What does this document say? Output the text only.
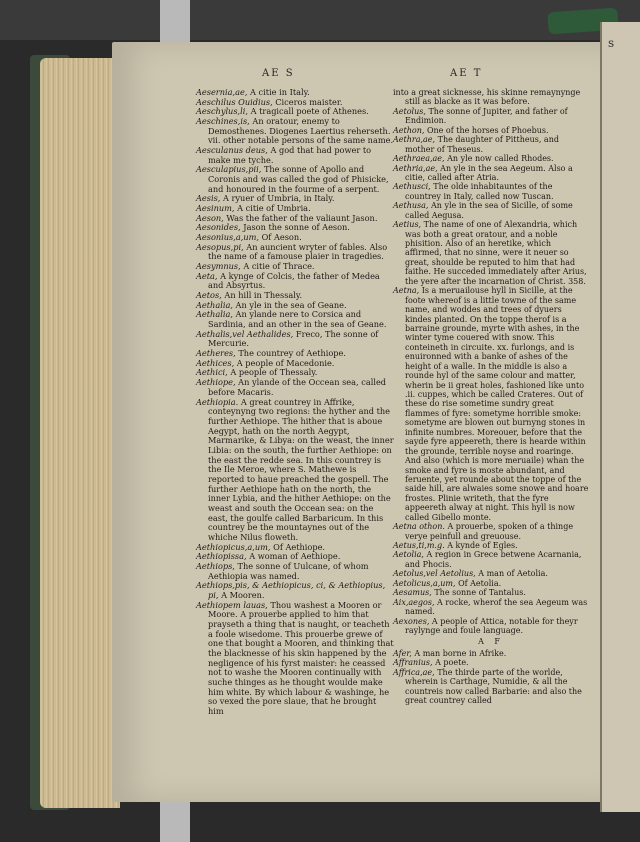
s
AE S	AE T
Aesernia,ae, A citie in Italy.
Aeschilus Ouidius, Ciceros maister.
Aeschylus,li, A tragicall poete of Athenes.
Aeschines,is, An oratour, enemy to Demosthenes. Diogenes Laertius reherseth. vii. other notable persons of the same name.
Aesculanus deus, A god that had power to make me tyche.
Aesculapius,pii, The sonne of Apollo and Coronis and was called the god of Phisicke, and honoured in the fourme of a serpent.
Aesis, A ryuer of Umbria, in Italy.
Aesinum, A citie of Umbria.
Aeson, Was the father of the valiaunt Jason.
Aesonides, Jason the sonne of Aeson.
Aesonius,a,um, Of Aeson.
Aesopus,pi, An auncient wryter of fables. Also the name of a famouse plaier in tragedies.
Aesymnus, A citie of Thrace.
Aeta, A kynge of Colcis, the father of Medea and Absyrtus.
Aetos, An hill in Thessaly.
Aethalia, An yle in the sea of Geane.
Aethalia, An ylande nere to Corsica and Sardinia, and an other in the sea of Geane.
Aethalis,vel Aethalides, Freco, The sonne of Mercurie.
Aetheres, The countrey of Aethiope.
Aethices, A people of Macedonie.
Aethici, A people of Thessaly.
Aethiope, An ylande of the Occean sea, called before Macaris.
Aethiopia. A great countrey in Affrike, conteynyng two regions: the hyther and the further Aethiope. The hither that is aboue Aegypt, hath on the north Aegypt, Marmarike, & Libya: on the weast, the inner Libia: on the south, the further Aethiope: on the east the redde sea. In this countrey is the Ile Meroe, where S. Mathewe is reported to haue preached the gospell. The further Aethiope hath on the north, the inner Lybia, and the hither Aethiope: on the weast and south the Occean sea: on the east, the goulfe called Barbaricum. In this countrey be the mountaynes out of the whiche Nilus floweth.
Aethiopicus,a,um, Of Aethiope.
Aethiopissa, A woman of Aethiope.
Aethiops, The sonne of Uulcane, of whom Aethiopia was named.
Aethiops,pis, & Aethiopicus, ci, & Aethiopius, pi, A Mooren.
Aethiopem lauas, Thou washest a Mooren or Moore. A prouerbe applied to him that prayseth a thing that is naught, or teacheth a foole wisedome. This prouerbe grewe of one that bought a Mooren, and thinking that the blacknesse of his skin happened by the negligence of his fyrst maister: he ceassed not to washe the Mooren continually with suche thinges as he thought woulde make him white. By which labour & washinge, he so vexed the pore slaue, that he brought him
into a great sicknesse, his skinne remaynynge still as blacke as it was before.
Aetolus, The sonne of Jupiter, and father of Endimion.
Aethon, One of the horses of Phoebus.
Aethra,ae, The daughter of Pittheus, and mother of Theseus.
Aethraea,ae, An yle now called Rhodes.
Aethria,ae, An yle in the sea Aegeum. Also a citie, called after Atria.
Aethusci, The olde inhabitauntes of the countrey in Italy, called now Tuscan.
Aethusa, An yle in the sea of Sicille, of some called Aegusa.
Aetius, The name of one of Alexandria, which was both a great oratour, and a noble phisition. Also of an heretike, which affirmed, that no sinne, were it neuer so great, shoulde be reputed to him that had faithe. He succeded immediately after Arius, the yere after the incarnation of Christ. 358.
Aetna, Is a meruailouse hyll in Sicille, at the foote whereof is a little towne of the same name, and woddes and trees of dyuers kindes planted. On the toppe therof is a barraine grounde, myrte with ashes, in the winter tyme couered with snow. This conteineth in circuite. xx. furlongs, and is enuironned with a banke of ashes of the height of a walle. In the middle is also a rounde hyl of the same colour and matter, wherin be ii great holes, fashioned like unto .ii. cuppes, which be called Crateres. Out of these do rise sometime sundry great flammes of fyre: sometyme horrible smoke: sometyme are blowen out burnyng stones in infinite numbres. Moreouer, before that the sayde fyre appeereth, there is hearde within the grounde, terrible noyse and roaringe. And also (which is more meruaile) whan the smoke and fyre is moste abundant, and feruente, yet rounde about the toppe of the saide hill, are alwaies some snowe and hoare frostes. Plinie writeth, that the fyre appeereth alway at night. This hyll is now called Gibello monte.
Aetna othon. A prouerbe, spoken of a thinge verye peinfull and greuouse.
Aetus,ti,m.g. A kynde of Egles.
Aetolia, A region in Grece betwene Acarnania, and Phocis.
Aetolus,vel Aetolius, A man of Aetolia.
Aetolicus,a,um, Of Aetolia.
Aesamus, The sonne of Tantalus.
Aix,aegos, A rocke, wherof the sea Aegeum was named.
Aexones, A people of Attica, notable for theyr raylynge and foule language.
A F
Afer, A man borne in Afrike.
Affranius, A poete.
Affrica,ae, The thirde parte of the worlde, wherein is Carthage, Numidie, & all the countreis now called Barbarie: and also the great countrey called
